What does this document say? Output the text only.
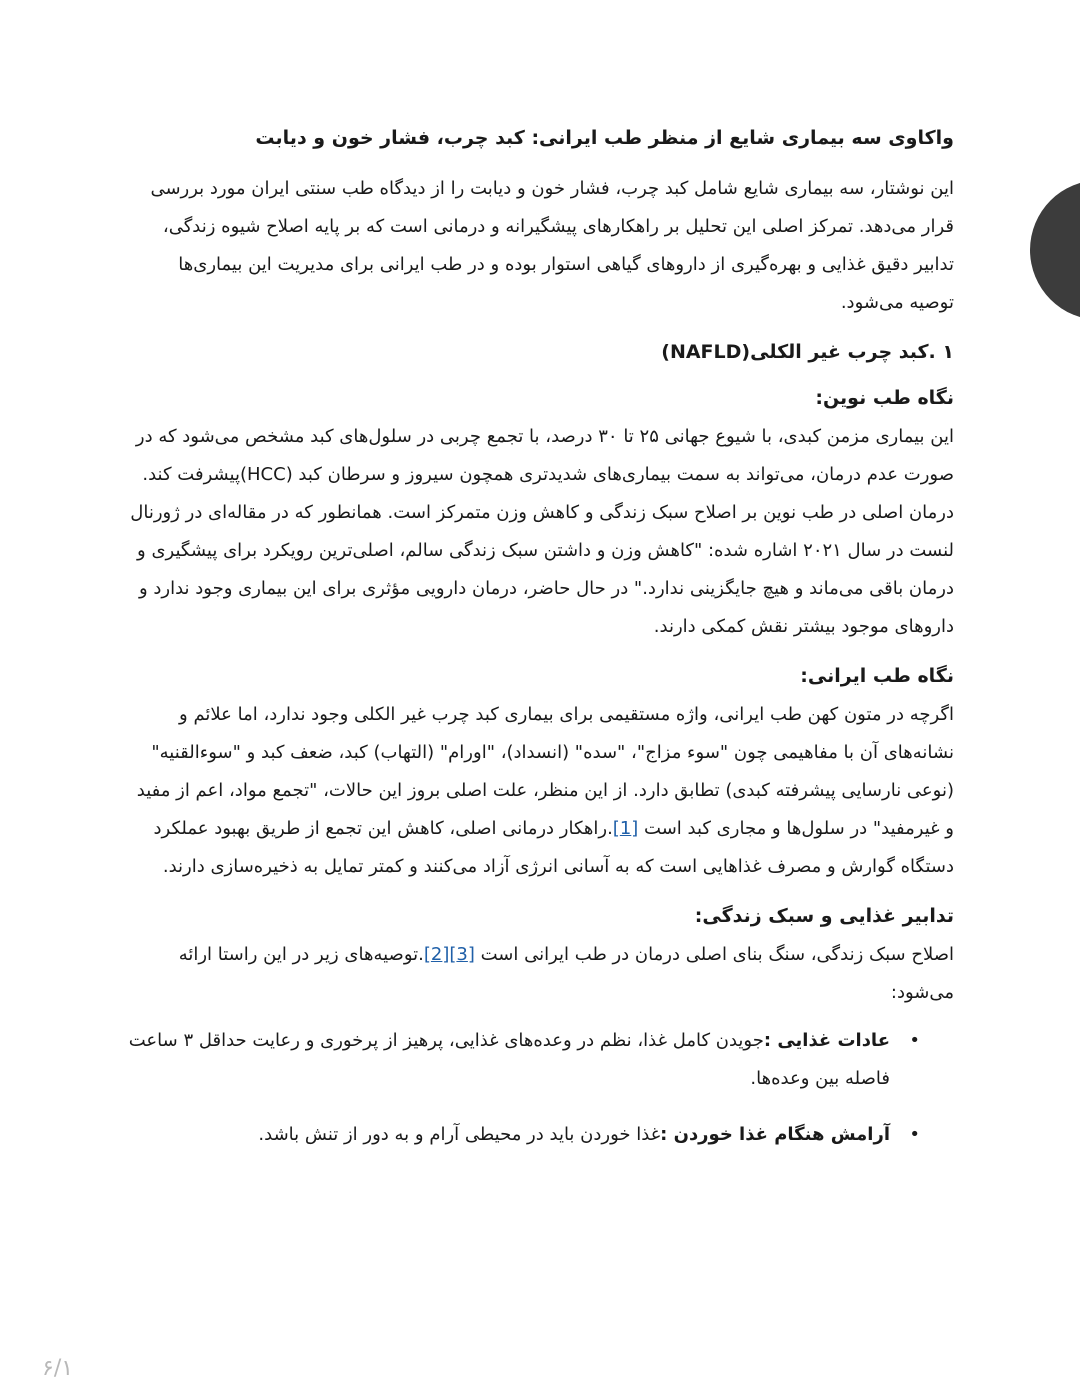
واکاوی سه بیماری شایع از منظر طب ایرانی: کبد چرب، فشار خون و دیابت

این نوشتار، سه بیماری شایع شامل کبد چرب، فشار خون و دیابت را از دیدگاه طب سنتی ایران مورد بررسی قرار می‌دهد. تمرکز اصلی این تحلیل بر راهکارهای پیشگیرانه و درمانی است که بر پایه اصلاح شیوه زندگی، تدابیر دقیق غذایی و بهره‌گیری از داروهای گیاهی استوار بوده و در طب ایرانی برای مدیریت این بیماری‌ها توصیه می‌شود.

۱ .کبد چرب غیر الکلی(NAFLD)
نگاه طب نوین:

این بیماری مزمن کبدی، با شیوع جهانی ۲۵ تا ۳۰ درصد، با تجمع چربی در سلول‌های کبد مشخص می‌شود که در صورت عدم درمان، می‌تواند به سمت بیماری‌های شدیدتری همچون سیروز و سرطان کبد (HCC)پیشرفت کند. درمان اصلی در طب نوین بر اصلاح سبک زندگی و کاهش وزن متمرکز است. همانطور که در مقاله‌ای در ژورنال لنست در سال ۲۰۲۱ اشاره شده: "کاهش وزن و داشتن سبک زندگی سالم، اصلی‌ترین رویکرد برای پیشگیری و درمان باقی می‌ماند و هیچ جایگزینی ندارد." در حال حاضر، درمان دارویی مؤثری برای این بیماری وجود ندارد و داروهای موجود بیشتر نقش کمکی دارند.

نگاه طب ایرانی:

اگرچه در متون کهن طب ایرانی، واژه مستقیمی برای بیماری کبد چرب غیر الکلی وجود ندارد، اما علائم و نشانه‌های آن با مفاهیمی چون "سوء مزاج"، "سده" (انسداد)، "اورام" (التهاب) کبد، ضعف کبد و "سوءالقنیه" (نوعی نارسایی پیشرفته کبدی) تطابق دارد. از این منظر، علت اصلی بروز این حالات، "تجمع مواد، اعم از مفید و غیرمفید" در سلول‌ها و مجاری کبد است [1].راهکار درمانی اصلی، کاهش این تجمع از طریق بهبود عملکرد دستگاه گوارش و مصرف غذاهایی است که به آسانی انرژی آزاد می‌کنند و کمتر تمایل به ذخیره‌سازی دارند.

تدابیر غذایی و سبک زندگی:

اصلاح سبک زندگی، سنگ بنای اصلی درمان در طب ایرانی است [3][2].توصیه‌های زیر در این راستا ارائه می‌شود:

• عادات غذایی :جویدن کامل غذا، نظم در وعده‌های غذایی، پرهیز از پرخوری و رعایت حداقل ۳ ساعت فاصله بین وعده‌ها.
• آرامش هنگام غذا خوردن :غذا خوردن باید در محیطی آرام و به دور از تنش باشد.
۶/۱
